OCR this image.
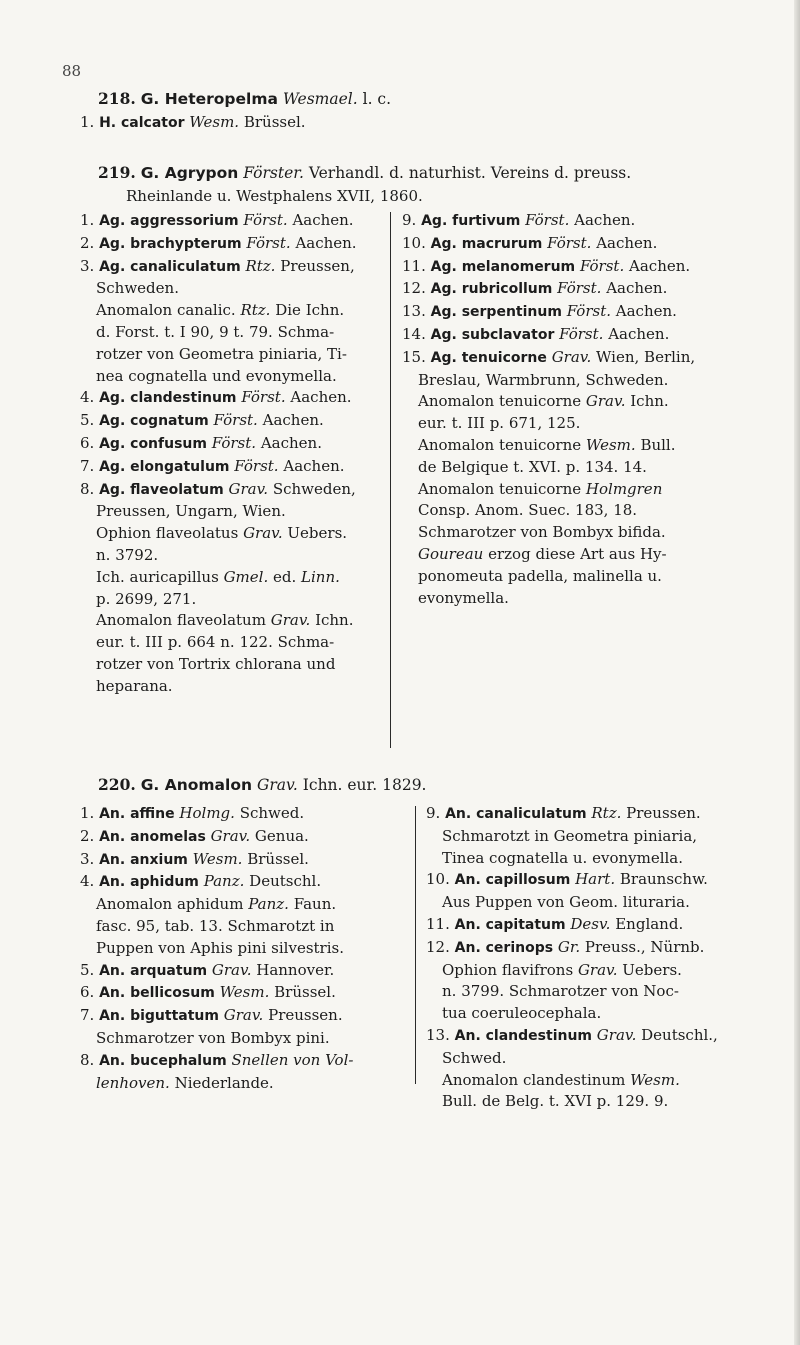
88
218. G. Heteropelma Wesmael. l. c.
1. H. calcator Wesm. Brüssel.
219. G. Agrypon Förster. Verhandl. d. naturhist. Vereins d. preuss.
Rheinlande u. Westphalens XVII, 1860.
1. Ag. aggressorium Först. Aachen.
2. Ag. brachypterum Först. Aachen.
3. Ag. canaliculatum Rtz. Preussen,
Schweden.
Anomalon canalic. Rtz. Die Ichn.
d. Forst. t. I 90, 9 t. 79. Schma-
rotzer von Geometra piniaria, Ti-
nea cognatella und evonymella.
4. Ag. clandestinum Först. Aachen.
5. Ag. cognatum Först. Aachen.
6. Ag. confusum Först. Aachen.
7. Ag. elongatulum Först. Aachen.
8. Ag. flaveolatum Grav. Schweden,
Preussen, Ungarn, Wien.
Ophion flaveolatus Grav. Uebers.
n. 3792.
Ich. auricapillus Gmel. ed. Linn.
p. 2699, 271.
Anomalon flaveolatum Grav. Ichn.
eur. t. III p. 664 n. 122. Schma-
rotzer von Tortrix chlorana und
heparana.
9. Ag. furtivum Först. Aachen.
10. Ag. macrurum Först. Aachen.
11. Ag. melanomerum Först. Aachen.
12. Ag. rubricollum Först. Aachen.
13. Ag. serpentinum Först. Aachen.
14. Ag. subclavator Först. Aachen.
15. Ag. tenuicorne Grav. Wien, Berlin,
Breslau, Warmbrunn, Schweden.
Anomalon tenuicorne Grav. Ichn.
eur. t. III p. 671, 125.
Anomalon tenuicorne Wesm. Bull.
de Belgique t. XVI. p. 134. 14.
Anomalon tenuicorne Holmgren
Consp. Anom. Suec. 183, 18.
Schmarotzer von Bombyx bifida.
Goureau erzog diese Art aus Hy-
ponomeuta padella, malinella u.
evonymella.
220. G. Anomalon Grav. Ichn. eur. 1829.
1. An. affine Holmg. Schwed.
2. An. anomelas Grav. Genua.
3. An. anxium Wesm. Brüssel.
4. An. aphidum Panz. Deutschl.
Anomalon aphidum Panz. Faun.
fasc. 95, tab. 13. Schmarotzt in
Puppen von Aphis pini silvestris.
5. An. arquatum Grav. Hannover.
6. An. bellicosum Wesm. Brüssel.
7. An. biguttatum Grav. Preussen.
Schmarotzer von Bombyx pini.
8. An. bucephalum Snellen von Vol-
lenhoven. Niederlande.
9. An. canaliculatum Rtz. Preussen.
Schmarotzt in Geometra piniaria,
Tinea cognatella u. evonymella.
10. An. capillosum Hart. Braunschw.
Aus Puppen von Geom. lituraria.
11. An. capitatum Desv. England.
12. An. cerinops Gr. Preuss., Nürnb.
Ophion flavifrons Grav. Uebers.
n. 3799. Schmarotzer von Noc-
tua coeruleocephala.
13. An. clandestinum Grav. Deutschl.,
Schwed.
Anomalon clandestinum Wesm.
Bull. de Belg. t. XVI p. 129. 9.
